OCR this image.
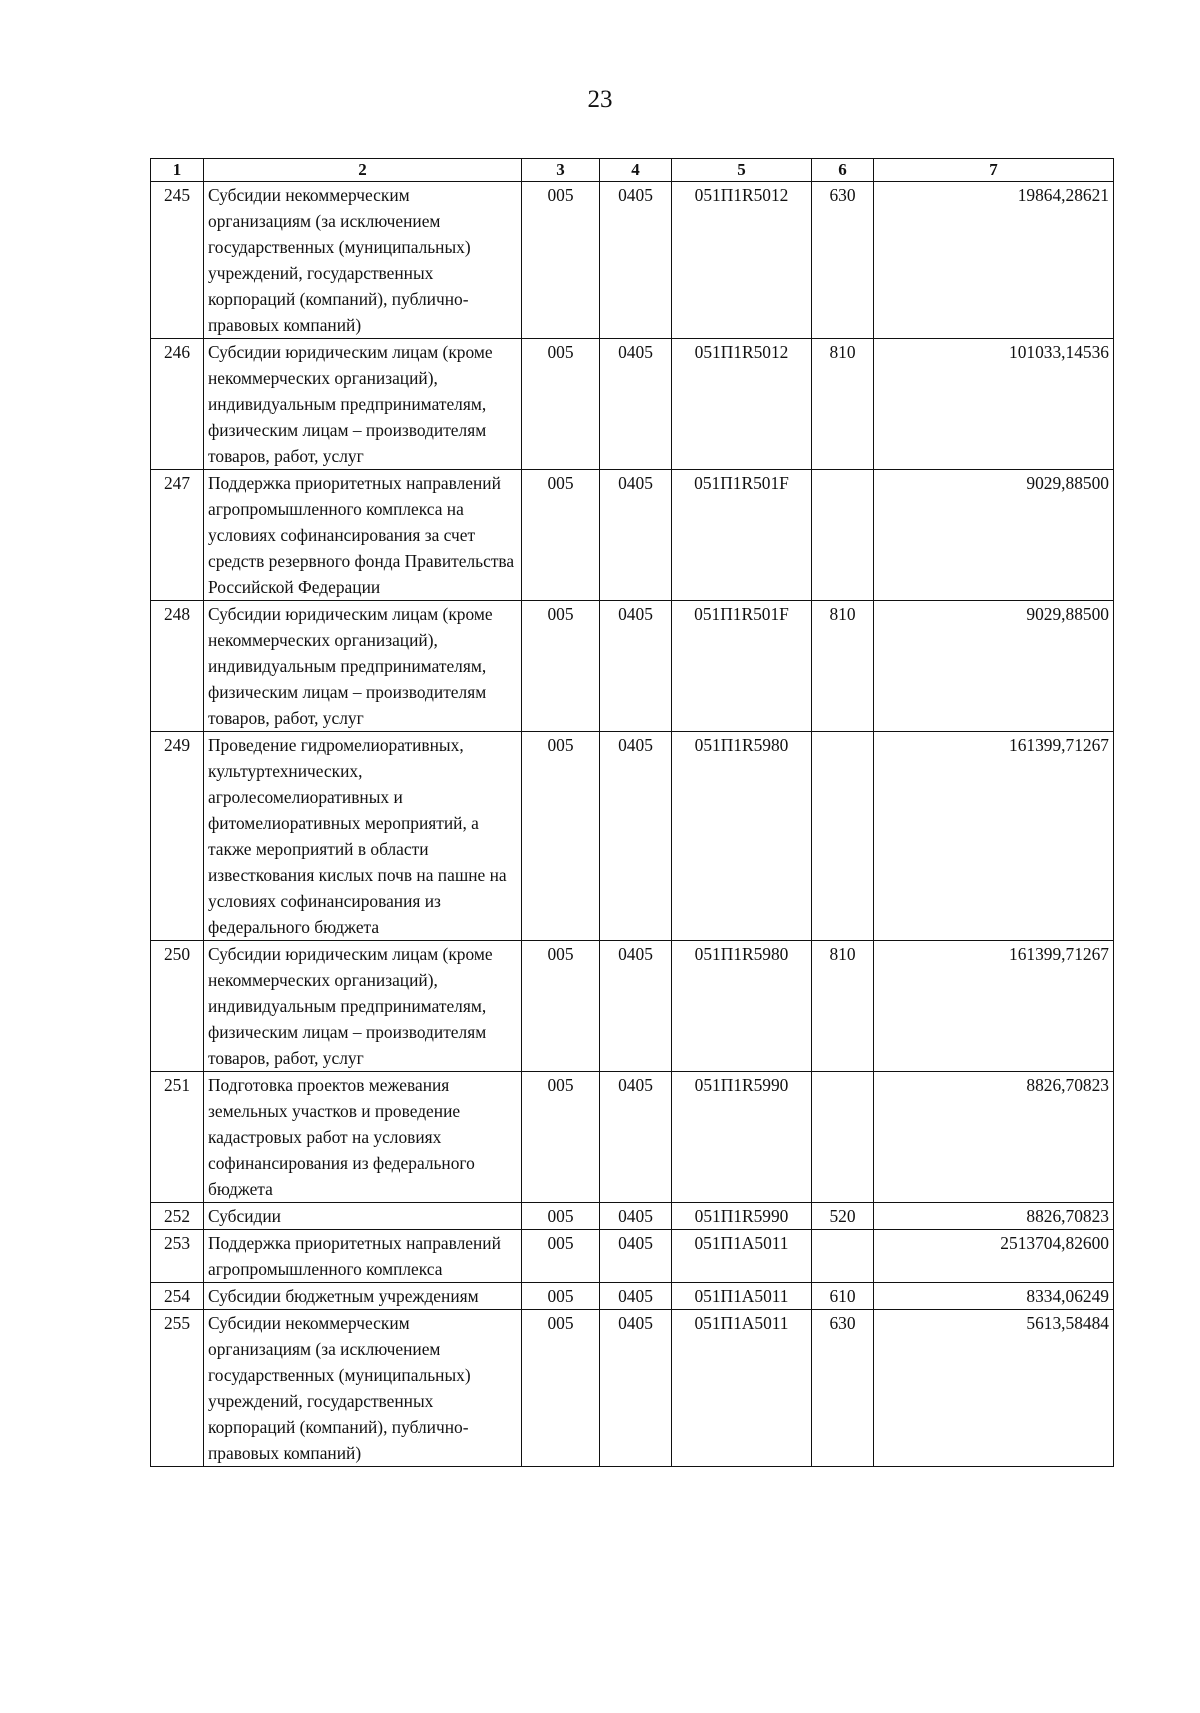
23
1	2	3	4	5	6	7
245	Субсидии некоммерческим организациям (за исключением государственных (муниципальных) учреждений, государственных корпораций (компаний), публично-правовых компаний)	005	0405	051П1R5012	630	19864,28621
246	Субсидии юридическим лицам (кроме некоммерческих организаций), индивидуальным предпринимателям, физическим лицам – производителям товаров, работ, услуг	005	0405	051П1R5012	810	101033,14536
247	Поддержка приоритетных направлений агропромышленного комплекса на условиях софинансирования за счет средств резервного фонда Правительства Российской Федерации	005	0405	051П1R501F		9029,88500
248	Субсидии юридическим лицам (кроме некоммерческих организаций), индивидуальным предпринимателям, физическим лицам – производителям товаров, работ, услуг	005	0405	051П1R501F	810	9029,88500
249	Проведение гидромелиоративных, культуртехнических, агролесомелиоративных и фитомелиоративных мероприятий, а также мероприятий в области известкования кислых почв на пашне на условиях софинансирования из федерального бюджета	005	0405	051П1R5980		161399,71267
250	Субсидии юридическим лицам (кроме некоммерческих организаций), индивидуальным предпринимателям, физическим лицам – производителям товаров, работ, услуг	005	0405	051П1R5980	810	161399,71267
251	Подготовка проектов межевания земельных участков и проведение кадастровых работ на условиях софинансирования из федерального бюджета	005	0405	051П1R5990		8826,70823
252	Субсидии	005	0405	051П1R5990	520	8826,70823
253	Поддержка приоритетных направлений агропромышленного комплекса	005	0405	051П1А5011		2513704,82600
254	Субсидии бюджетным учреждениям	005	0405	051П1А5011	610	8334,06249
255	Субсидии некоммерческим организациям (за исключением государственных (муниципальных) учреждений, государственных корпораций (компаний), публично-правовых компаний)	005	0405	051П1А5011	630	5613,58484
